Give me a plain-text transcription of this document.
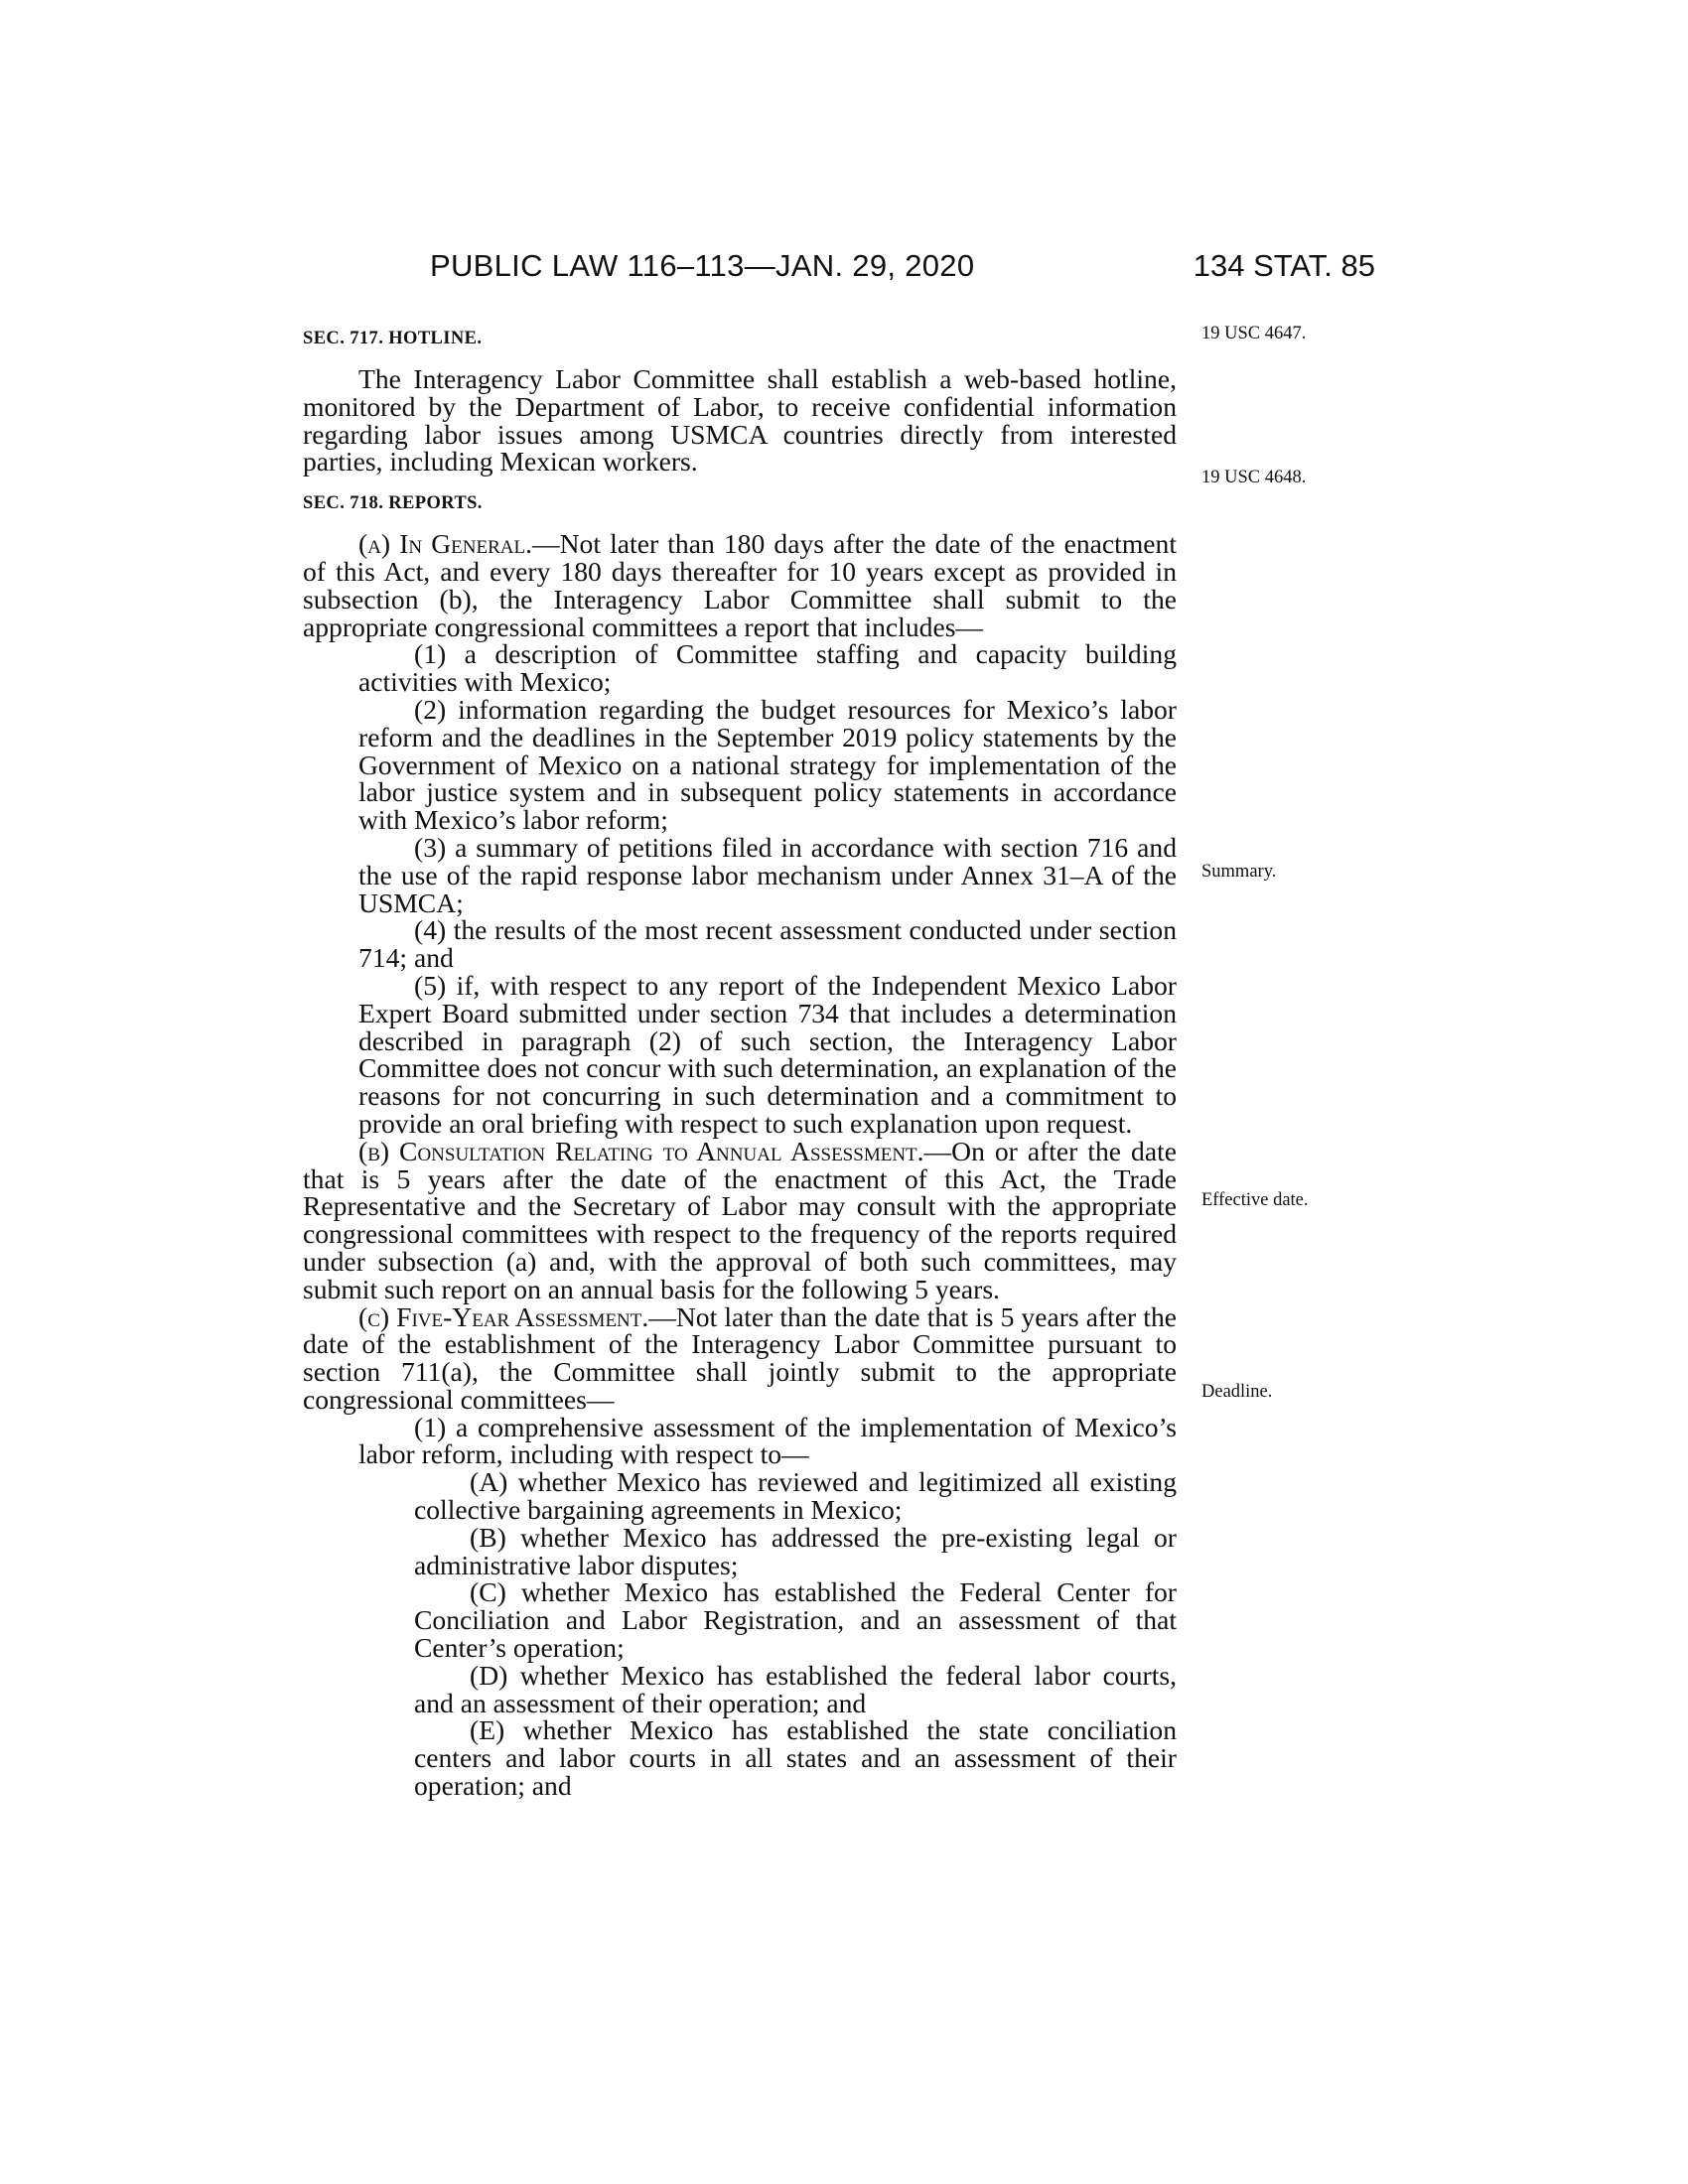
PUBLIC LAW 116–113—JAN. 29, 2020	134 STAT. 85
19 USC 4647.
19 USC 4648.
Summary.
Effective date.
Deadline.
SEC. 717. HOTLINE.

The Interagency Labor Committee shall establish a web-based hotline, monitored by the Department of Labor, to receive confidential information regarding labor issues among USMCA countries directly from interested parties, including Mexican workers.

SEC. 718. REPORTS.

(a) In General.—Not later than 180 days after the date of the enactment of this Act, and every 180 days thereafter for 10 years except as provided in subsection (b), the Interagency Labor Committee shall submit to the appropriate congressional committees a report that includes—

(1) a description of Committee staffing and capacity building activities with Mexico;

(2) information regarding the budget resources for Mexico’s labor reform and the deadlines in the September 2019 policy statements by the Government of Mexico on a national strategy for implementation of the labor justice system and in subsequent policy statements in accordance with Mexico’s labor reform;

(3) a summary of petitions filed in accordance with section 716 and the use of the rapid response labor mechanism under Annex 31–A of the USMCA;

(4) the results of the most recent assessment conducted under section 714; and

(5) if, with respect to any report of the Independent Mexico Labor Expert Board submitted under section 734 that includes a determination described in paragraph (2) of such section, the Interagency Labor Committee does not concur with such determination, an explanation of the reasons for not concurring in such determination and a commitment to provide an oral briefing with respect to such explanation upon request.

(b) Consultation Relating to Annual Assessment.—On or after the date that is 5 years after the date of the enactment of this Act, the Trade Representative and the Secretary of Labor may consult with the appropriate congressional committees with respect to the frequency of the reports required under subsection (a) and, with the approval of both such committees, may submit such report on an annual basis for the following 5 years.

(c) Five-Year Assessment.—Not later than the date that is 5 years after the date of the establishment of the Interagency Labor Committee pursuant to section 711(a), the Committee shall jointly submit to the appropriate congressional committees—

(1) a comprehensive assessment of the implementation of Mexico’s labor reform, including with respect to—

(A) whether Mexico has reviewed and legitimized all existing collective bargaining agreements in Mexico;

(B) whether Mexico has addressed the pre-existing legal or administrative labor disputes;

(C) whether Mexico has established the Federal Center for Conciliation and Labor Registration, and an assessment of that Center’s operation;

(D) whether Mexico has established the federal labor courts, and an assessment of their operation; and

(E) whether Mexico has established the state conciliation centers and labor courts in all states and an assessment of their operation; and
